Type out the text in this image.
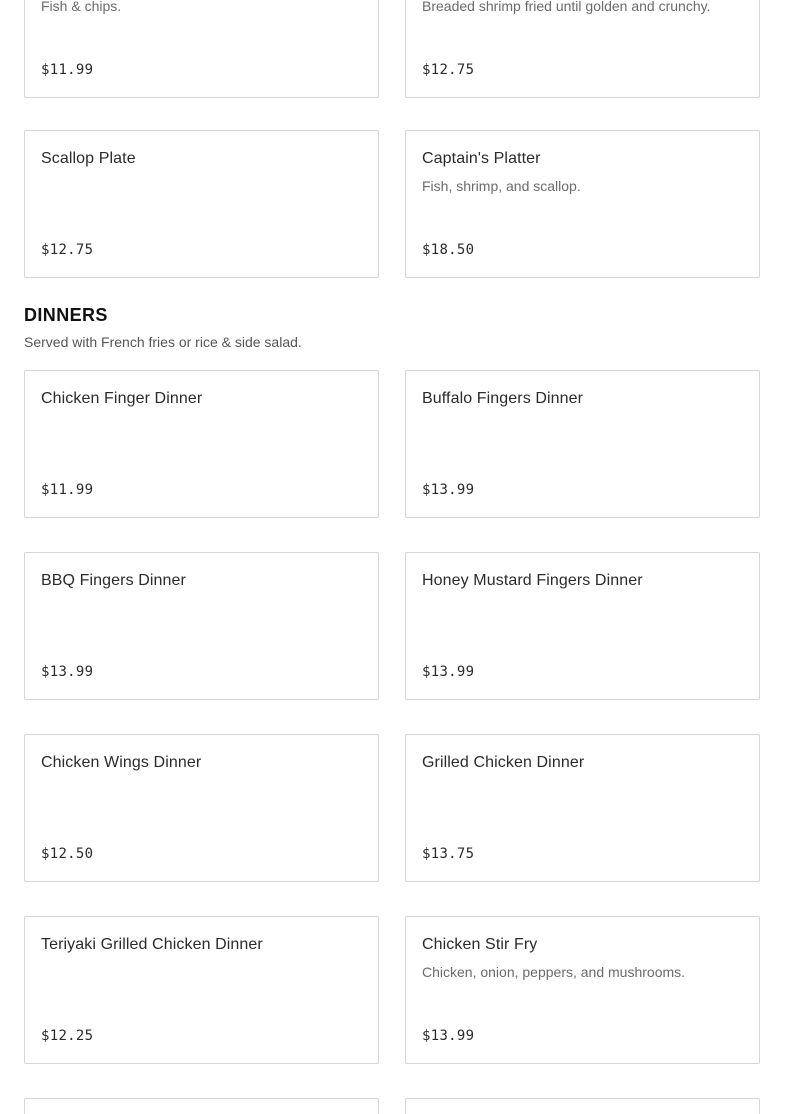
Fish & chips.
$11.99
Breaded shrimp fried until golden and crunchy.
$12.75
Scallop Plate
$12.75
Captain's Platter
Fish, shrimp, and scallop.
$18.50
DINNERS
Served with French fries or rice & side salad.
Chicken Finger Dinner
$11.99
Buffalo Fingers Dinner
$13.99
BBQ Fingers Dinner
$13.99
Honey Mustard Fingers Dinner
$13.99
Chicken Wings Dinner
$12.50
Grilled Chicken Dinner
$13.75
Teriyaki Grilled Chicken Dinner
$12.25
Chicken Stir Fry
Chicken, onion, peppers, and mushrooms.
$13.99
